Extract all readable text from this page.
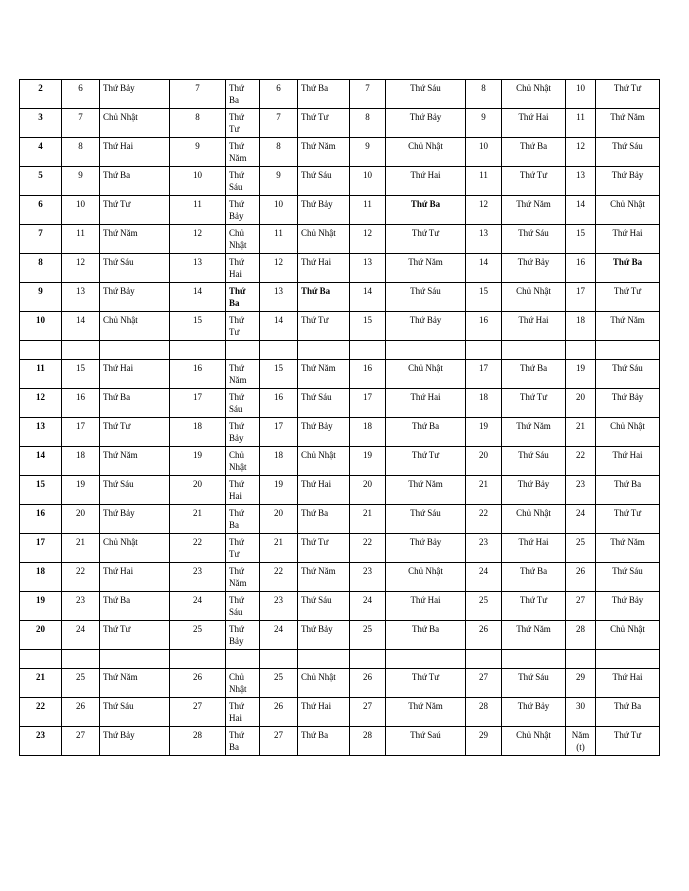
2	6	Thứ Bảy	7	Thứ Ba	6	Thứ Ba	7	Thứ Sáu	8	Chủ Nhật	10	Thứ Tư
3	7	Chủ Nhật	8	Thứ Tư	7	Thứ Tư	8	Thứ Bảy	9	Thứ Hai	11	Thứ Năm
4	8	Thứ Hai	9	Thứ Năm	8	Thứ Năm	9	Chủ Nhật	10	Thứ Ba	12	Thứ Sáu
5	9	Thứ Ba	10	Thứ Sáu	9	Thứ Sáu	10	Thứ Hai	11	Thứ Tư	13	Thứ Bảy
6	10	Thứ Tư	11	Thứ Bảy	10	Thứ Bảy	11	Thứ Ba	12	Thứ Năm	14	Chủ Nhật
7	11	Thứ Năm	12	Chủ Nhật	11	Chủ Nhật	12	Thứ Tư	13	Thứ Sáu	15	Thứ Hai
8	12	Thứ Sáu	13	Thứ Hai	12	Thứ Hai	13	Thứ Năm	14	Thứ Bảy	16	Thứ Ba
9	13	Thứ Bảy	14	Thứ Ba	13	Thứ Ba	14	Thứ Sáu	15	Chủ Nhật	17	Thứ Tư
10	14	Chủ Nhật	15	Thứ Tư	14	Thứ Tư	15	Thứ Bảy	16	Thứ Hai	18	Thứ Năm

11	15	Thứ Hai	16	Thứ Năm	15	Thứ Năm	16	Chủ Nhật	17	Thứ Ba	19	Thứ Sáu
12	16	Thứ Ba	17	Thứ Sáu	16	Thứ Sáu	17	Thứ Hai	18	Thứ Tư	20	Thứ Bảy
13	17	Thứ Tư	18	Thứ Bảy	17	Thứ Bảy	18	Thứ Ba	19	Thứ Năm	21	Chủ Nhật
14	18	Thứ Năm	19	Chủ Nhật	18	Chủ Nhật	19	Thứ Tư	20	Thứ Sáu	22	Thứ Hai
15	19	Thứ Sáu	20	Thứ Hai	19	Thứ Hai	20	Thứ Năm	21	Thứ Bảy	23	Thứ Ba
16	20	Thứ Bảy	21	Thứ Ba	20	Thứ Ba	21	Thứ Sáu	22	Chủ Nhật	24	Thứ Tư
17	21	Chủ Nhật	22	Thứ Tư	21	Thứ Tư	22	Thứ Bảy	23	Thứ Hai	25	Thứ Năm
18	22	Thứ Hai	23	Thứ Năm	22	Thứ Năm	23	Chủ Nhật	24	Thứ Ba	26	Thứ Sáu
19	23	Thứ Ba	24	Thứ Sáu	23	Thứ Sáu	24	Thứ Hai	25	Thứ Tư	27	Thứ Bảy
20	24	Thứ Tư	25	Thứ Bảy	24	Thứ Bảy	25	Thứ Ba	26	Thứ Năm	28	Chủ Nhật

21	25	Thứ Năm	26	Chủ Nhật	25	Chủ Nhật	26	Thứ Tư	27	Thứ Sáu	29	Thứ Hai
22	26	Thứ Sáu	27	Thứ Hai	26	Thứ Hai	27	Thứ Năm	28	Thứ Bảy	30	Thứ Ba
23	27	Thứ Bảy	28	Thứ Ba	27	Thứ Ba	28	Thứ Saú	29	Chủ Nhật	Năm (t)	Thứ Tư
